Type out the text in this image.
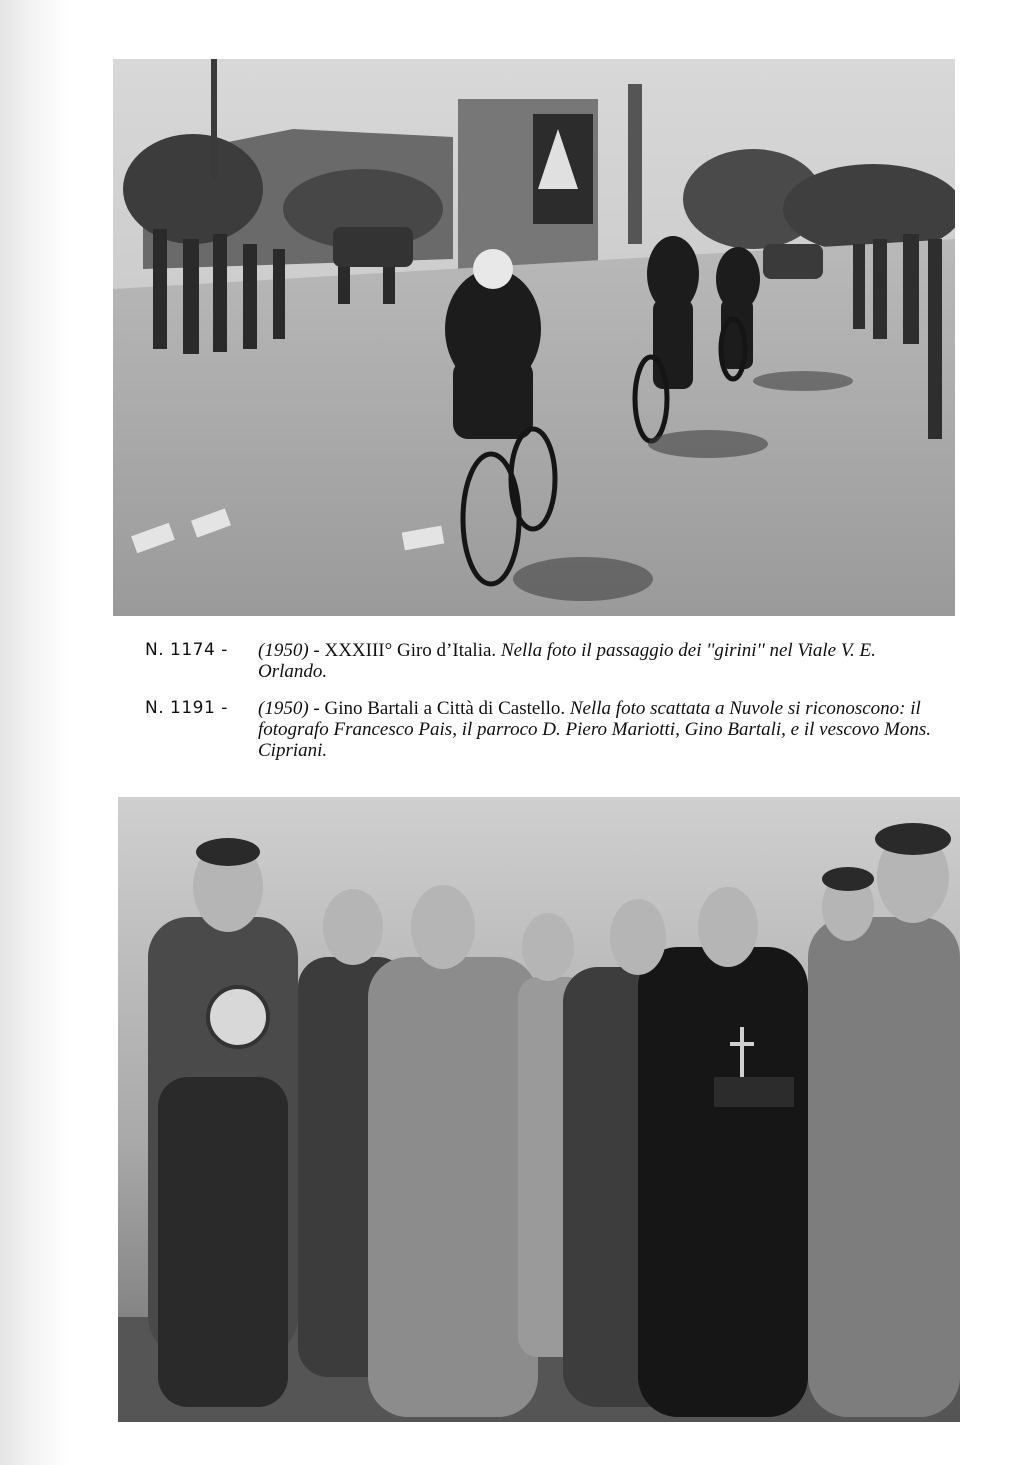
N. 1174 - (1950) - XXXIII° Giro d’Italia. Nella foto il passaggio dei ''girini'' nel Viale V. E. Orlando.
N. 1191 - (1950) - Gino Bartali a Città di Castello. Nella foto scattata a Nuvole si riconoscono: il fotografo Francesco Pais, il parroco D. Piero Mariotti, Gino Bartali, e il vescovo Mons. Cipriani.
